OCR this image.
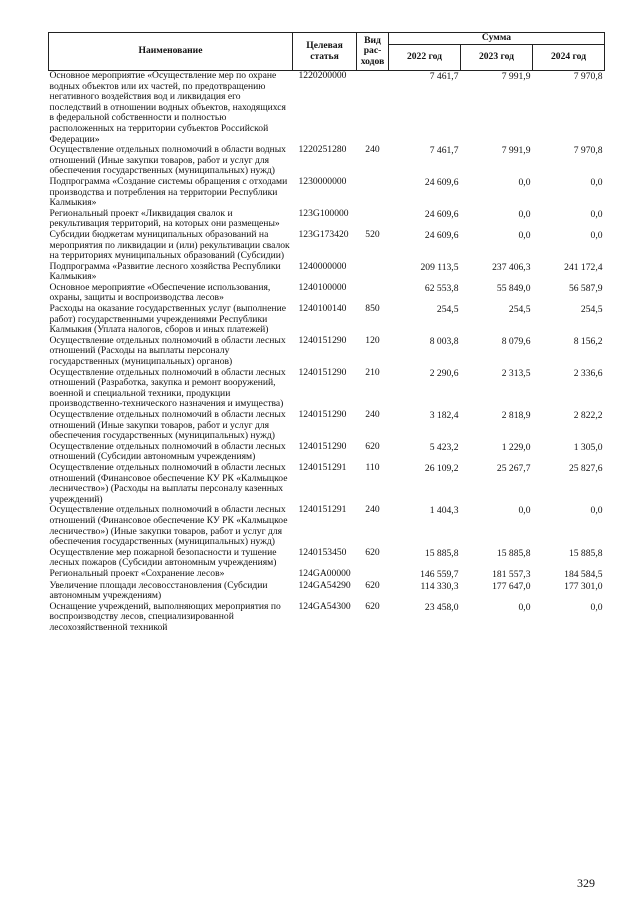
Наименование	Целевая статья	Вид рас-ходов	Сумма		
			2022 год	2023 год	2024 год
Основное мероприятие «Осуществление мер по охране водных объектов или их частей, по предотвращению негативного воздействия вод и ликвидация его последствий в отношении водных объектов, находящихся в федеральной собственности и полностью расположенных на территории субъектов Российской Федерации»	1220200000		7 461,7	7 991,9	7 970,8
Осуществление отдельных полномочий в области водных отношений (Иные закупки товаров, работ и услуг для обеспечения государственных (муниципальных) нужд)	1220251280	240	7 461,7	7 991,9	7 970,8
Подпрограмма «Создание системы обращения с отходами производства и потребления на территории Республики Калмыкия»	1230000000		24 609,6	0,0	0,0
Региональный проект «Ликвидация свалок и рекультивация территорий, на которых они размещены»	123G100000		24 609,6	0,0	0,0
Субсидии бюджетам муниципальных образований на мероприятия по ликвидации и (или) рекультивации свалок на территориях муниципальных образований (Субсидии)	123G173420	520	24 609,6	0,0	0,0
Подпрограмма «Развитие лесного хозяйства Республики Калмыкия»	1240000000		209 113,5	237 406,3	241 172,4
Основное мероприятие «Обеспечение использования, охраны, защиты и воспроизводства лесов»	1240100000		62 553,8	55 849,0	56 587,9
Расходы на оказание государственных услуг (выполнение работ) государственными учреждениями Республики Калмыкия (Уплата налогов, сборов и иных платежей)	1240100140	850	254,5	254,5	254,5
Осуществление отдельных полномочий в области лесных отношений (Расходы на выплаты персоналу государственных (муниципальных) органов)	1240151290	120	8 003,8	8 079,6	8 156,2
Осуществление отдельных полномочий в области лесных отношений (Разработка, закупка и ремонт вооружений, военной и специальной техники, продукции производственно-технического назначения и имущества)	1240151290	210	2 290,6	2 313,5	2 336,6
Осуществление отдельных полномочий в области лесных отношений (Иные закупки товаров, работ и услуг для обеспечения государственных (муниципальных) нужд)	1240151290	240	3 182,4	2 818,9	2 822,2
Осуществление отдельных полномочий в области лесных отношений (Субсидии автономным учреждениям)	1240151290	620	5 423,2	1 229,0	1 305,0
Осуществление отдельных полномочий в области лесных отношений (Финансовое обеспечение КУ РК «Калмыцкое лесничество») (Расходы на выплаты персоналу казенных учреждений)	1240151291	110	26 109,2	25 267,7	25 827,6
Осуществление отдельных полномочий в области лесных отношений (Финансовое обеспечение КУ РК «Калмыцкое лесничество») (Иные закупки товаров, работ и услуг для обеспечения государственных (муниципальных) нужд)	1240151291	240	1 404,3	0,0	0,0
Осуществление мер пожарной безопасности и тушение лесных пожаров (Субсидии автономным учреждениям)	1240153450	620	15 885,8	15 885,8	15 885,8
Региональный проект «Сохранение лесов»	124GA00000		146 559,7	181 557,3	184 584,5
Увеличение площади лесовосстановления (Субсидии автономным учреждениям)	124GA54290	620	114 330,3	177 647,0	177 301,0
Оснащение учреждений, выполняющих мероприятия по воспроизводству лесов, специализированной лесохозяйственной техникой	124GA54300	620	23 458,0	0,0	0,0
329
